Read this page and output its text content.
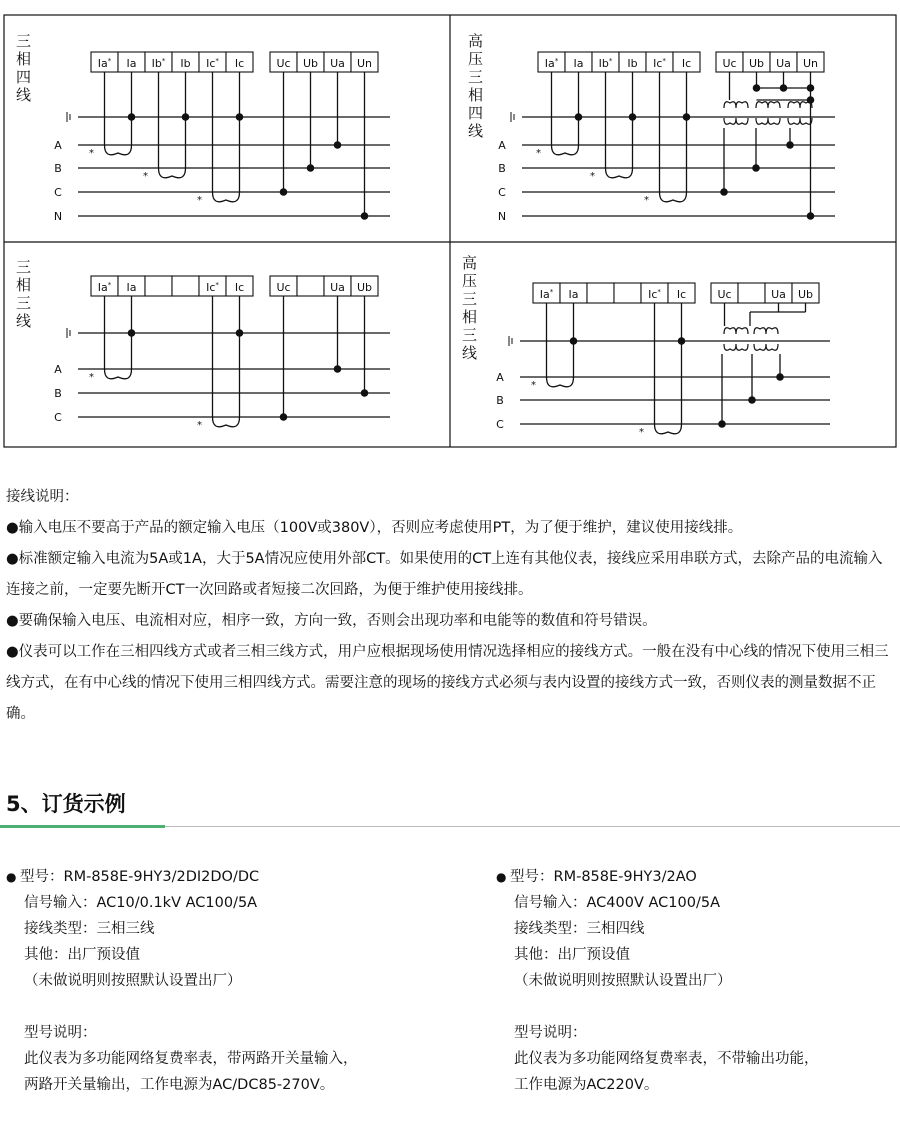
三
相
四
线
Ia* Ia Ib* Ib Ic* Ic	Uc Ub Ua Un
A
B
C
N
*
*
*
高
压
三
相
四
线
Ia* Ia Ib* Ib Ic* Ic	Uc Ub Ua Un
A
B
C
N
*
*
*
三
相
三
线
Ia* Ia	Ic* Ic	Uc	Ua Ub
A
B
C
*
*
高
压
三
相
三
线
Ia* Ia	Ic* Ic	Uc	Ua Ub
A
B
C
*
*

接线说明：

●输入电压不要高于产品的额定输入电压（100V或380V），否则应考虑使用PT，为了便于维护，建议使用接线排。

●标准额定输入电流为5A或1A，大于5A情况应使用外部CT。如果使用的CT上连有其他仪表，接线应采用串联方式，去除产品的电流输入连接之前，一定要先断开CT一次回路或者短接二次回路，为便于维护使用接线排。

●要确保输入电压、电流相对应，相序一致，方向一致，否则会出现功率和电能等的数值和符号错误。

●仪表可以工作在三相四线方式或者三相三线方式，用户应根据现场使用情况选择相应的接线方式。一般在没有中心线的情况下使用三相三线方式，在有中心线的情况下使用三相四线方式。需要注意的现场的接线方式必须与表内设置的接线方式一致，否则仪表的测量数据不正确。

5、订货示例
● 型号：RM-858E-9HY3/2DI2DO/DC
信号输入：AC10/0.1kV AC100/5A
接线类型：三相三线
其他：出厂预设值
（未做说明则按照默认设置出厂）
型号说明：
此仪表为多功能网络复费率表，带两路开关量输入，
两路开关量输出，工作电源为AC/DC85-270V。
● 型号：RM-858E-9HY3/2AO
信号输入：AC400V AC100/5A
接线类型：三相四线
其他：出厂预设值
（未做说明则按照默认设置出厂）
型号说明：
此仪表为多功能网络复费率表，不带输出功能，
工作电源为AC220V。
